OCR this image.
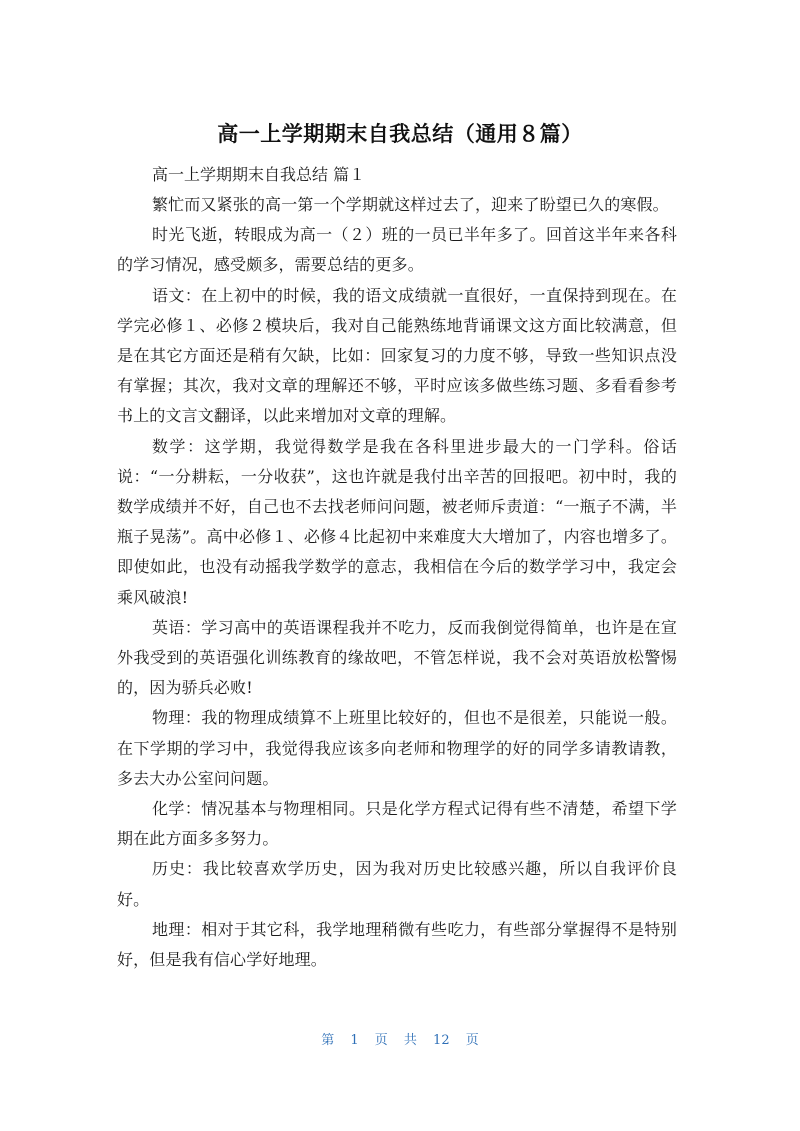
高一上学期期末自我总结（通用８篇）
高一上学期期末自我总结 篇１

繁忙而又紧张的高一第一个学期就这样过去了，迎来了盼望已久的寒假。

时光飞逝，转眼成为高一（２）班的一员已半年多了。回首这半年来各科的学习情况，感受颇多，需要总结的更多。

语文：在上初中的时候，我的语文成绩就一直很好，一直保持到现在。在学完必修１、必修２模块后，我对自己能熟练地背诵课文这方面比较满意，但是在其它方面还是稍有欠缺，比如：回家复习的力度不够，导致一些知识点没有掌握；其次，我对文章的理解还不够，平时应该多做些练习题、多看看参考书上的文言文翻译，以此来增加对文章的理解。

数学：这学期，我觉得数学是我在各科里进步最大的一门学科。俗话说：“一分耕耘，一分收获”，这也许就是我付出辛苦的回报吧。初中时，我的数学成绩并不好，自己也不去找老师问问题，被老师斥责道：“一瓶子不满，半瓶子晃荡”。高中必修１、必修４比起初中来难度大大增加了，内容也增多了。即使如此，也没有动摇我学数学的意志，我相信在今后的数学学习中，我定会乘风破浪!

英语：学习高中的英语课程我并不吃力，反而我倒觉得简单，也许是在宣外我受到的英语强化训练教育的缘故吧，不管怎样说，我不会对英语放松警惕的，因为骄兵必败!

物理：我的物理成绩算不上班里比较好的，但也不是很差，只能说一般。在下学期的学习中，我觉得我应该多向老师和物理学的好的同学多请教请教，多去大办公室问问题。

化学：情况基本与物理相同。只是化学方程式记得有些不清楚，希望下学期在此方面多多努力。

历史：我比较喜欢学历史，因为我对历史比较感兴趣，所以自我评价良好。

地理：相对于其它科，我学地理稍微有些吃力，有些部分掌握得不是特别好，但是我有信心学好地理。

第 1 页 共 12 页
